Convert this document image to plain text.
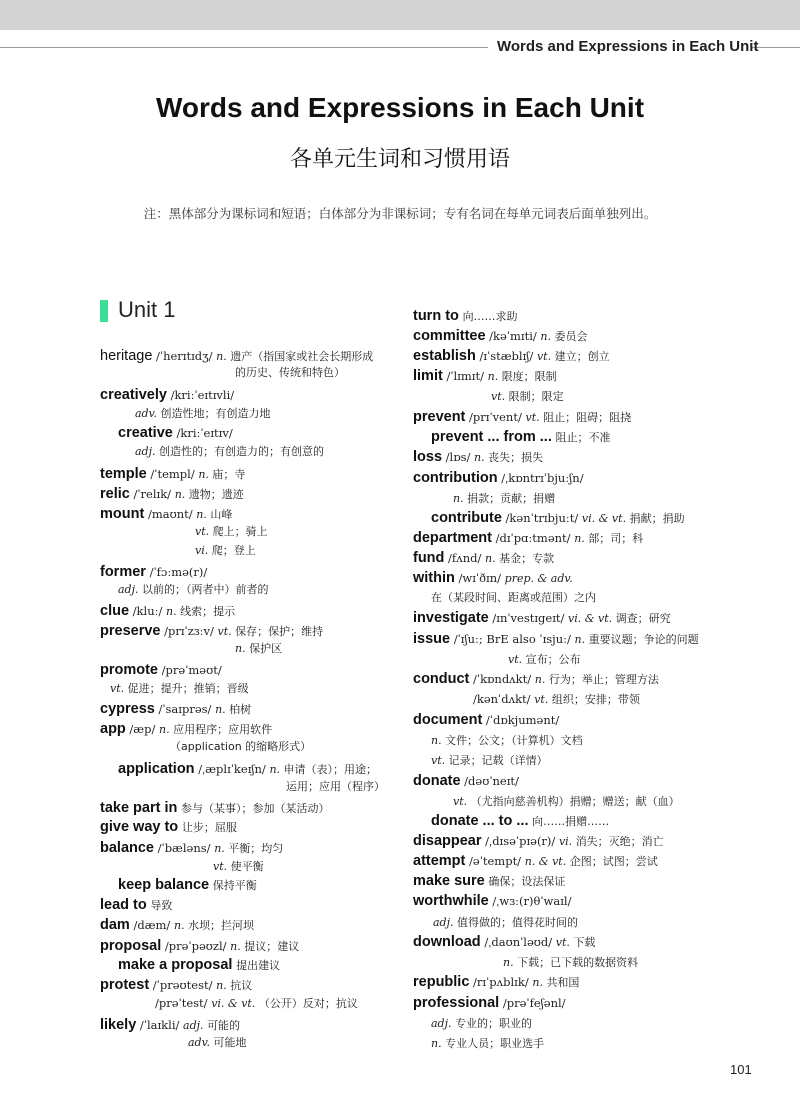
Words and Expressions in Each Unit
Words and Expressions in Each Unit
各单元生词和习惯用语
注：黑体部分为课标词和短语；白体部分为非课标词；专有名词在每单元词表后面单独列出。
Unit 1
heritage /ˈherɪtɪdʒ/ n. 遗产（指国家或社会长期形成
的历史、传统和特色）
creatively /kriːˈeɪtɪvli/
adv. 创造性地；有创造力地
creative /kriːˈeɪtɪv/
adj. 创造性的；有创造力的；有创意的
temple /ˈtempl/ n. 庙；寺
relic /ˈrelɪk/ n. 遗物；遗迹
mount /maʊnt/ n. 山峰
vt. 爬上；骑上
vi. 爬；登上
former /ˈfɔːmə(r)/
adj. 以前的；（两者中）前者的
clue /kluː/ n. 线索；提示
preserve /prɪˈzɜːv/ vt. 保存；保护；维持
n. 保护区
promote /prəˈməʊt/
vt. 促进；提升；推销；晋级
cypress /ˈsaɪprəs/ n. 柏树
app /æp/ n. 应用程序；应用软件
（application 的缩略形式）
application /ˌæplɪˈkeɪʃn/ n. 申请（表）；用途；
运用；应用（程序）
take part in 参与（某事）；参加（某活动）
give way to 让步；屈服
balance /ˈbæləns/ n. 平衡；均匀
vt. 使平衡
keep balance 保持平衡
lead to 导致
dam /dæm/ n. 水坝；拦河坝
proposal /prəˈpəʊzl/ n. 提议；建议
make a proposal 提出建议
protest /ˈprəʊtest/ n. 抗议
/prəˈtest/ vi. & vt. （公开）反对；抗议
likely /ˈlaɪkli/ adj. 可能的
adv. 可能地
turn to 向……求助
committee /kəˈmɪti/ n. 委员会
establish /ɪˈstæblɪʃ/ vt. 建立；创立
limit /ˈlɪmɪt/ n. 限度；限制
vt. 限制；限定
prevent /prɪˈvent/ vt. 阻止；阻碍；阻挠
prevent ... from ... 阻止；不准
loss /lɒs/ n. 丧失；损失
contribution /ˌkɒntrɪˈbjuːʃn/
n. 捐款；贡献；捐赠
contribute /kənˈtrɪbjuːt/ vi. & vt. 捐献；捐助
department /dɪˈpɑːtmənt/ n. 部；司；科
fund /fʌnd/ n. 基金；专款
within /wɪˈðɪn/ prep. & adv.
在（某段时间、距离或范围）之内
investigate /ɪnˈvestɪgeɪt/ vi. & vt. 调查；研究
issue /ˈɪʃuː; BrE also ˈɪsjuː/ n. 重要议题；争论的问题
vt. 宣布；公布
conduct /ˈkɒndʌkt/ n. 行为；举止；管理方法
/kənˈdʌkt/ vt. 组织；安排；带领
document /ˈdɒkjumənt/
n. 文件；公文；（计算机）文档
vt. 记录；记载（详情）
donate /dəʊˈneɪt/
vt. （尤指向慈善机构）捐赠；赠送；献（血）
donate ... to ... 向……捐赠……
disappear /ˌdɪsəˈpɪə(r)/ vi. 消失；灭绝；消亡
attempt /əˈtempt/ n. & vt. 企图；试图；尝试
make sure 确保；设法保证
worthwhile /ˌwɜː(r)θˈwaɪl/
adj. 值得做的；值得花时间的
download /ˌdaʊnˈləʊd/ vt. 下载
n. 下载；已下载的数据资料
republic /rɪˈpʌblɪk/ n. 共和国
professional /prəˈfeʃənl/
adj. 专业的；职业的
n. 专业人员；职业选手
101
